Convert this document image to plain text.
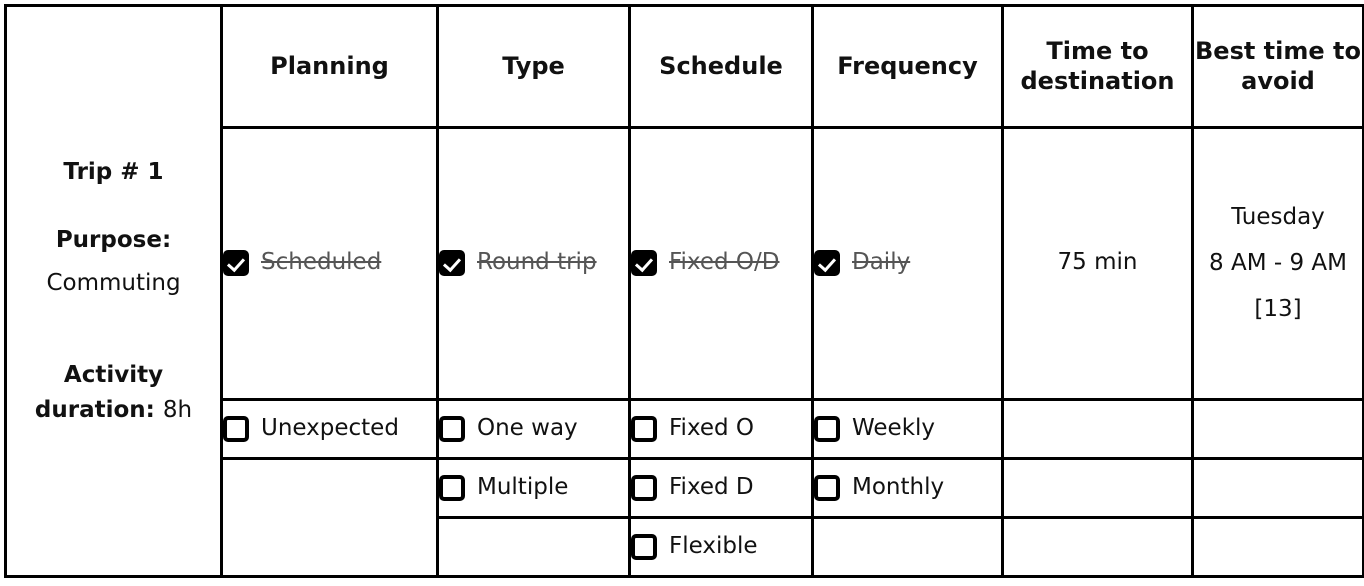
Trip # 1
Purpose:
Commuting
Activity duration: 8h	Planning	Type	Schedule	Frequency	Time to destination	Best time to avoid

	Scheduled	Round trip	Fixed O/D	Daily	75 min	Tuesday
8 AM - 9 AM
[13]

	Unexpected	One way	Fixed O	Weekly		

		Multiple	Fixed D	Monthly		

			Flexible			
